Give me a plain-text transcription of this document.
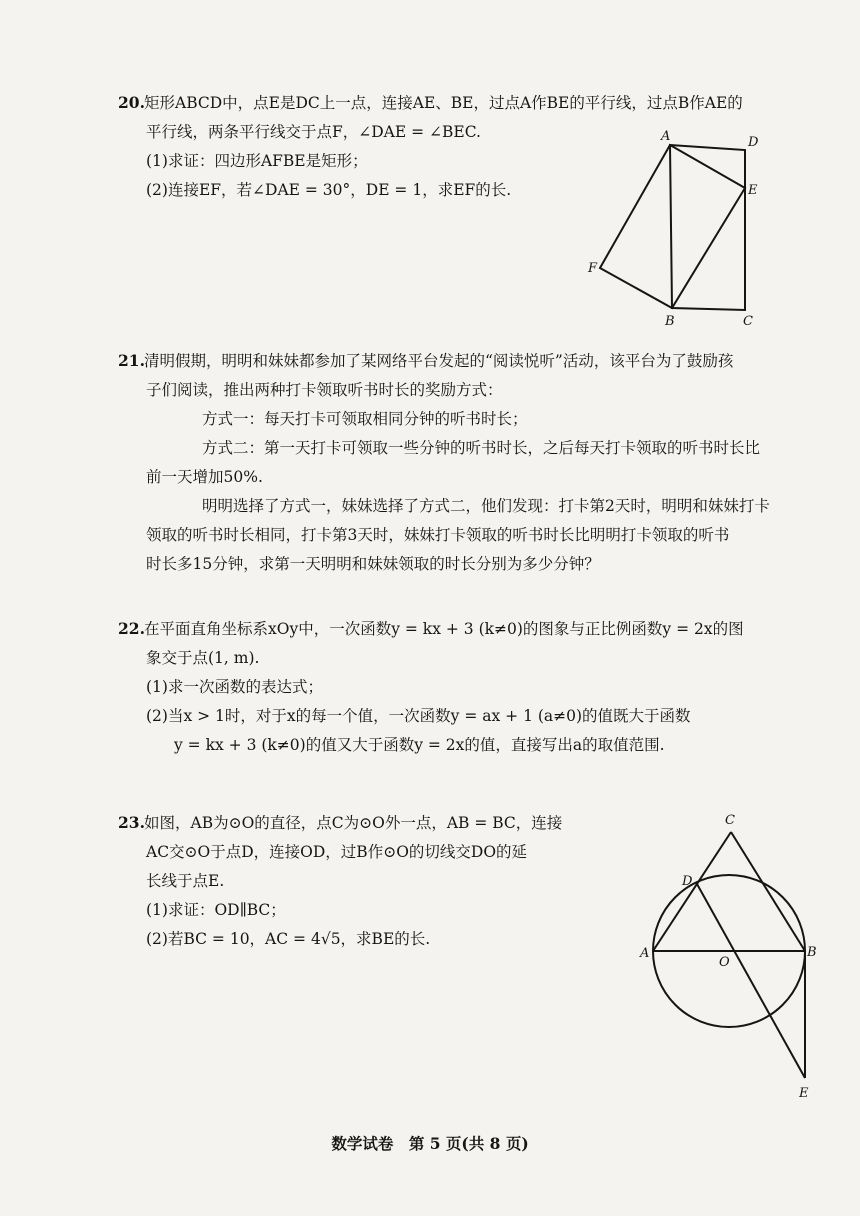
20.矩形ABCD中，点E是DC上一点，连接AE、BE，过点A作BE的平行线，过点B作AE的
平行线，两条平行线交于点F，∠DAE = ∠BEC.
(1)求证：四边形AFBE是矩形；
(2)连接EF，若∠DAE = 30°，DE = 1，求EF的长.
A	D
E
F
B	C
21.清明假期，明明和妹妹都参加了某网络平台发起的“阅读悦听”活动，该平台为了鼓励孩
子们阅读，推出两种打卡领取听书时长的奖励方式：
方式一：每天打卡可领取相同分钟的听书时长；
方式二：第一天打卡可领取一些分钟的听书时长，之后每天打卡领取的听书时长比
前一天增加50%.
明明选择了方式一，妹妹选择了方式二，他们发现：打卡第2天时，明明和妹妹打卡
领取的听书时长相同，打卡第3天时，妹妹打卡领取的听书时长比明明打卡领取的听书
时长多15分钟，求第一天明明和妹妹领取的时长分别为多少分钟？
22.在平面直角坐标系xOy中，一次函数y = kx + 3 (k≠0)的图象与正比例函数y = 2x的图
象交于点(1, m).
(1)求一次函数的表达式；
(2)当x > 1时，对于x的每一个值，一次函数y = ax + 1 (a≠0)的值既大于函数
y = kx + 3 (k≠0)的值又大于函数y = 2x的值，直接写出a的取值范围.
23.如图，AB为⊙O的直径，点C为⊙O外一点，AB = BC，连接
AC交⊙O于点D，连接OD，过B作⊙O的切线交DO的延
长线于点E.
(1)求证：OD∥BC；
(2)若BC = 10，AC = 4√5，求BE的长.
C
D
A
O
B
E
数学试卷　第 5 页(共 8 页)
